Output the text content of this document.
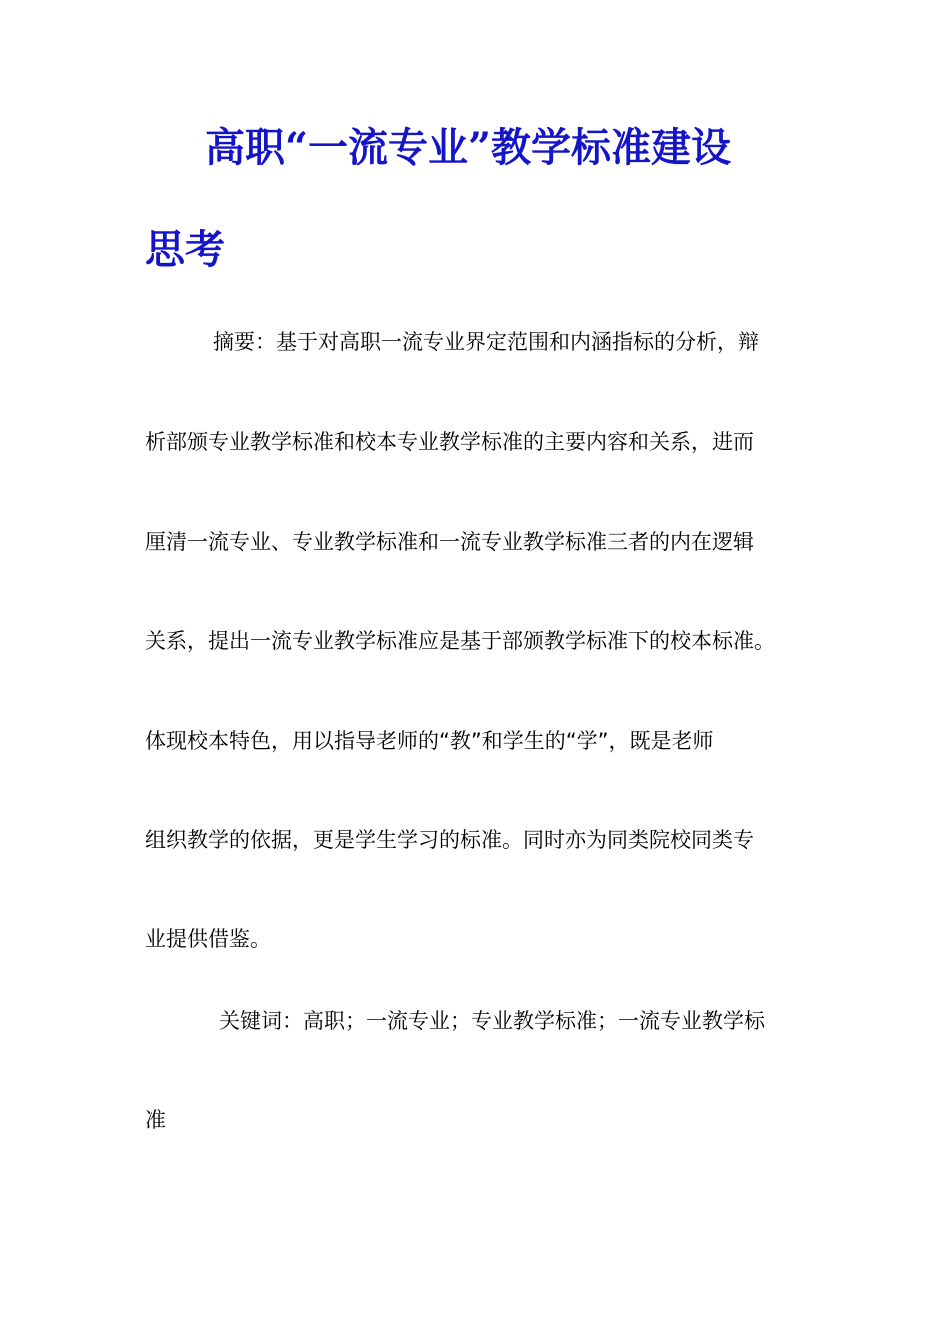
高职“一流专业”教学标准建设
思考
摘要：基于对高职一流专业界定范围和内涵指标的分析，辩
析部颁专业教学标准和校本专业教学标准的主要内容和关系，进而
厘清一流专业、专业教学标准和一流专业教学标准三者的内在逻辑
关系，提出一流专业教学标准应是基于部颁教学标准下的校本标准。
体现校本特色，用以指导老师的“教”和学生的“学”，既是老师
组织教学的依据，更是学生学习的标准。同时亦为同类院校同类专
业提供借鉴。
关键词：高职；一流专业；专业教学标准；一流专业教学标
准
